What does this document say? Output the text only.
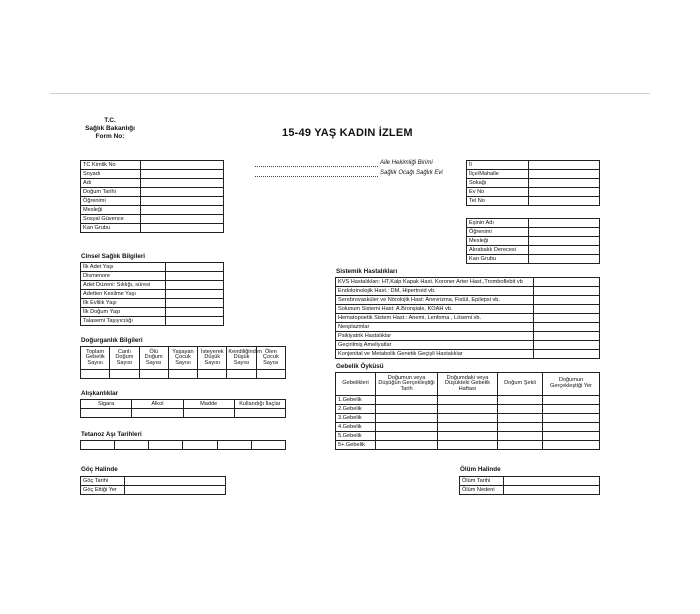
T.C.
Sağlık Bakanlığı
Form No:	15-49 YAŞ KADIN İZLEM
Aile Hekimliği Birimi
Sağlık Ocağı Sağlık Evi
TC Kimlik No	
Soyadı	
Adı	
Doğum Tarihi	
Öğrenimi	
Mesleği	
Sosyal Güvence	
Kan Grubu	
İl	
İlçe/Mahalle	
Sokağı	
Ev No	
Tel No	
Eşinin Adı	
Öğrenimi	
Mesleği	
Akrabalık Derecesi	
Kan Grubu	
Cinsel Sağlık Bilgileri
İlk Adet Yaşı	
Dismenore	
Adet Düzeni: Sıklığı, süresi	
Adetten Kesilme Yaşı	
İlk Evlilik Yaşı	
İlk Doğum Yaşı	
Talasemi Taşıyıcılığı	
Sistemik Hastalıkları
KVS Hastalıkları: HT,Kalp Kapak Hast. Koroner Arter Hast.,Tromboflebit vb	
Endokrinolojik Hast.: DM, Hipertroid vb.	
Serebrovasküler ve Nörolojik Hast: Anevrizma, Fistül, Epilepsi vb.	
Solunum Sistemi Hast: A.Bronşiale, KOAH vb.	
Hematopoetik Sistem Hast.: Anemi, Lenfoma , Lösemi vb.	
Neoplazmlar	
Psikiyatrik Hastalıklar	
Geçirilmiş Ameliyatlar	
Konjenital ve Metabolik Genetik Geçişli Hastalıklar	
Doğurganlık Bilgileri
Toplam Gebelik Sayısı	Canlı Doğum Sayısı	Ölü Doğum Sayısı	Yaşayan Çocuk Sayısı	İsteyerek Düşük Sayısı	Kendiliğinden Düşük Sayısı	Ölen Çocuk Sayısı

Gebelik Öyküsü
Gebelikleri	Doğumun veya Düşüğün Gerçekleştiği Tarih	Doğumdaki veya Düşükteki Gebelik Haftası	Doğum Şekli	Doğumun Gerçekleştiği Yer
1.Gebelik				
2.Gebelik				
3.Gebelik				
4.Gebelik				
5.Gebelik				
5+.Gebelik				
Alışkanlıklar
Sigara	Alkol	Madde	Kullandığı İlaçlar

Tetanoz Aşı Tarihleri

Göç Halinde
Göç Tarihi	
Göç Ettiği Yer	
Ölüm Halinde
Ölüm Tarihi	
Ölüm Nedeni	
